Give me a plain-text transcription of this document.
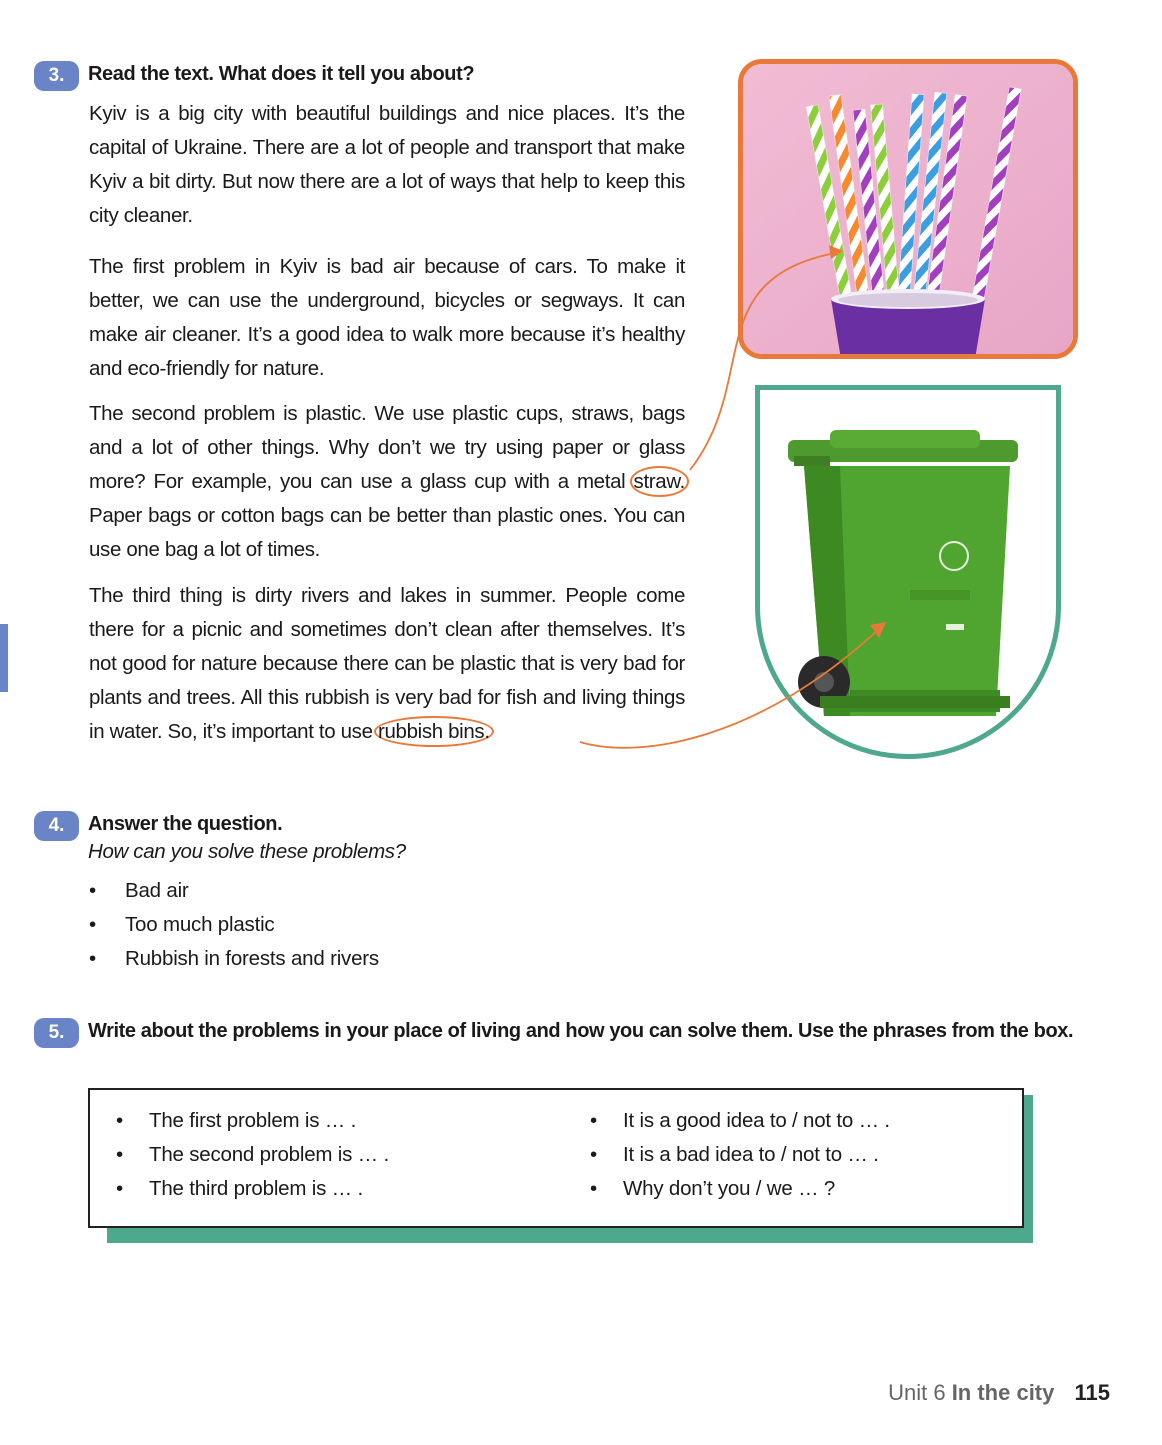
3.	Read the text. What does it tell you about?

Kyiv is a big city with beautiful buildings and nice places. It’s the capital of Ukraine. There are a lot of people and transport that make Kyiv a bit dirty. But now there are a lot of ways that help to keep this city cleaner.

The first problem in Kyiv is bad air because of cars. To make it better, we can use the underground, bicycles or segways. It can make air cleaner. It’s a good idea to walk more because it’s healthy and eco-friendly for nature.

The second problem is plastic. We use plastic cups, straws, bags and a lot of other things. Why don’t we try using paper or glass more? For example, you can use a glass cup with a metal straw. Paper bags or cotton bags can be better than plastic ones. You can use one bag a lot of times.

The third thing is dirty rivers and lakes in summer. People come there for a picnic and sometimes don’t clean after themselves. It’s not good for nature because there can be plastic that is very bad for plants and trees. All this rubbish is very bad for fish and living things in water. So, it’s important to use rubbish bins.

4.	Answer the question.
How can you solve these problems?
• Bad air
• Too much plastic
• Rubbish in forests and rivers
5.	Write about the problems in your place of living and how you can solve them. Use the phrases from the box.
• The first problem is … .
• The second problem is … .
• The third problem is … .
• It is a good idea to / not to … .
• It is a bad idea to / not to … .
• Why don’t you / we … ?
Unit 6 In the city 115
